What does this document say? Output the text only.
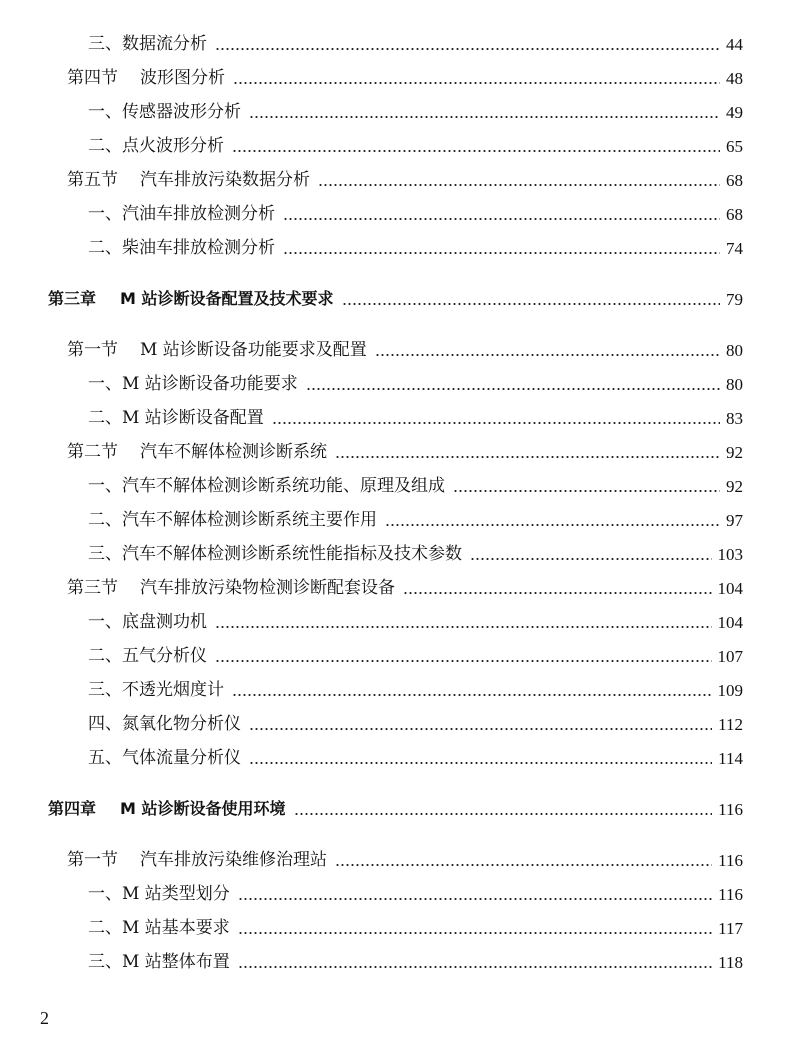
三、数据流分析	44
第四节 波形图分析	48
一、传感器波形分析	49
二、点火波形分析	65
第五节 汽车排放污染数据分析	68
一、汽油车排放检测分析	68
二、柴油车排放检测分析	74
第三章 M 站诊断设备配置及技术要求	79
第一节 M 站诊断设备功能要求及配置	80
一、M 站诊断设备功能要求	80
二、M 站诊断设备配置	83
第二节 汽车不解体检测诊断系统	92
一、汽车不解体检测诊断系统功能、原理及组成	92
二、汽车不解体检测诊断系统主要作用	97
三、汽车不解体检测诊断系统性能指标及技术参数	103
第三节 汽车排放污染物检测诊断配套设备	104
一、底盘测功机	104
二、五气分析仪	107
三、不透光烟度计	109
四、氮氧化物分析仪	112
五、气体流量分析仪	114
第四章 M 站诊断设备使用环境	116
第一节 汽车排放污染维修治理站	116
一、M 站类型划分	116
二、M 站基本要求	117
三、M 站整体布置	118
2
